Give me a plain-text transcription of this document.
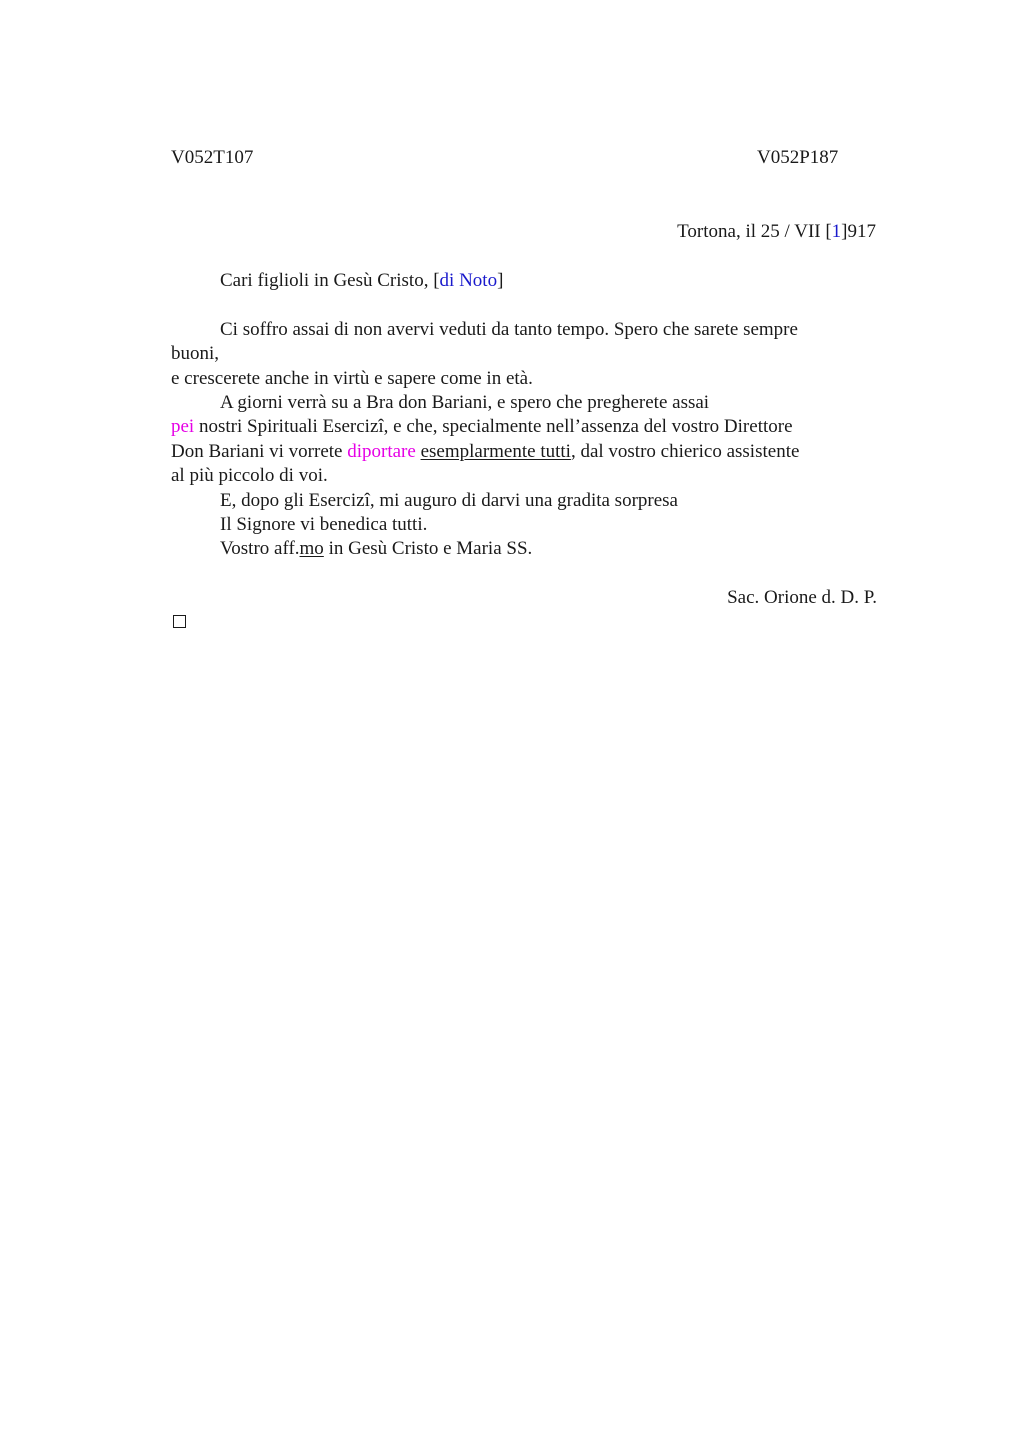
V052T107	V052P187
Tortona, il 25 / VII [1]917
Cari figlioli in Gesù Cristo, [di Noto]
Ci soffro assai di non avervi veduti da tanto tempo. Spero che sarete sempre
buoni,
e crescerete anche in virtù e sapere come in età.
A giorni verrà su a Bra don Bariani, e spero che pregherete assai
pei nostri Spirituali Esercizî, e che, specialmente nell’assenza del vostro Direttore
Don Bariani vi vorrete diportare esemplarmente tutti, dal vostro chierico assistente
al più piccolo di voi.
E, dopo gli Esercizî, mi auguro di darvi una gradita sorpresa
Il Signore vi benedica tutti.
Vostro aff.mo in Gesù Cristo e Maria SS.
Sac. Orione d. D. P.
